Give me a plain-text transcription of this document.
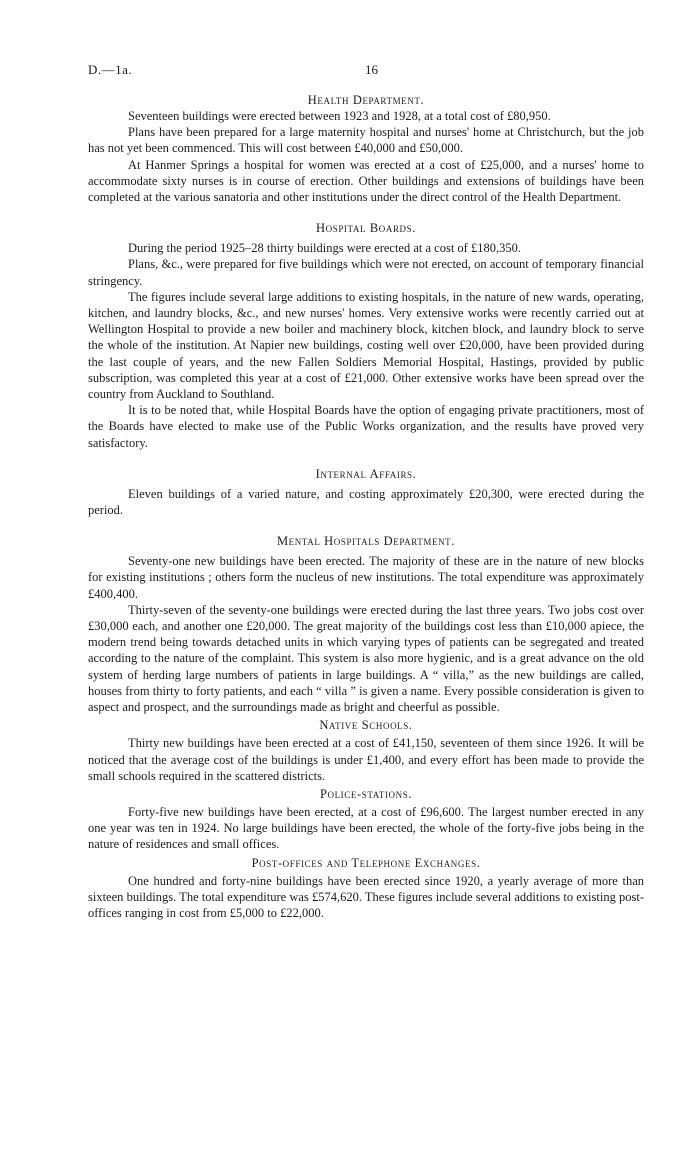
D.—1a.	16
Health Department.

Seventeen buildings were erected between 1923 and 1928, at a total cost of £80,950.

Plans have been prepared for a large maternity hospital and nurses' home at Christchurch, but the job has not yet been commenced. This will cost between £40,000 and £50,000.

At Hanmer Springs a hospital for women was erected at a cost of £25,000, and a nurses' home to accommodate sixty nurses is in course of erection. Other buildings and extensions of buildings have been completed at the various sanatoria and other institutions under the direct control of the Health Department.

Hospital Boards.

During the period 1925–28 thirty buildings were erected at a cost of £180,350.

Plans, &c., were prepared for five buildings which were not erected, on account of temporary financial stringency.

The figures include several large additions to existing hospitals, in the nature of new wards, operating, kitchen, and laundry blocks, &c., and new nurses' homes. Very extensive works were recently carried out at Wellington Hospital to provide a new boiler and machinery block, kitchen block, and laundry block to serve the whole of the institution. At Napier new buildings, costing well over £20,000, have been provided during the last couple of years, and the new Fallen Soldiers Memorial Hospital, Hastings, provided by public subscription, was completed this year at a cost of £21,000. Other extensive works have been spread over the country from Auckland to Southland.

It is to be noted that, while Hospital Boards have the option of engaging private practitioners, most of the Boards have elected to make use of the Public Works organization, and the results have proved very satisfactory.

Internal Affairs.

Eleven buildings of a varied nature, and costing approximately £20,300, were erected during the period.

Mental Hospitals Department.

Seventy-one new buildings have been erected. The majority of these are in the nature of new blocks for existing institutions ; others form the nucleus of new institutions. The total expenditure was approximately £400,400.

Thirty-seven of the seventy-one buildings were erected during the last three years. Two jobs cost over £30,000 each, and another one £20,000. The great majority of the buildings cost less than £10,000 apiece, the modern trend being towards detached units in which varying types of patients can be segregated and treated according to the nature of the complaint. This system is also more hygienic, and is a great advance on the old system of herding large numbers of patients in large buildings. A “ villa,” as the new buildings are called, houses from thirty to forty patients, and each “ villa ” is given a name. Every possible consideration is given to aspect and prospect, and the surroundings made as bright and cheerful as possible.

Native Schools.

Thirty new buildings have been erected at a cost of £41,150, seventeen of them since 1926. It will be noticed that the average cost of the buildings is under £1,400, and every effort has been made to provide the small schools required in the scattered districts.

Police-stations.

Forty-five new buildings have been erected, at a cost of £96,600. The largest number erected in any one year was ten in 1924. No large buildings have been erected, the whole of the forty-five jobs being in the nature of residences and small offices.

Post-offices and Telephone Exchanges.

One hundred and forty-nine buildings have been erected since 1920, a yearly average of more than sixteen buildings. The total expenditure was £574,620. These figures include several additions to existing post-offices ranging in cost from £5,000 to £22,000.
